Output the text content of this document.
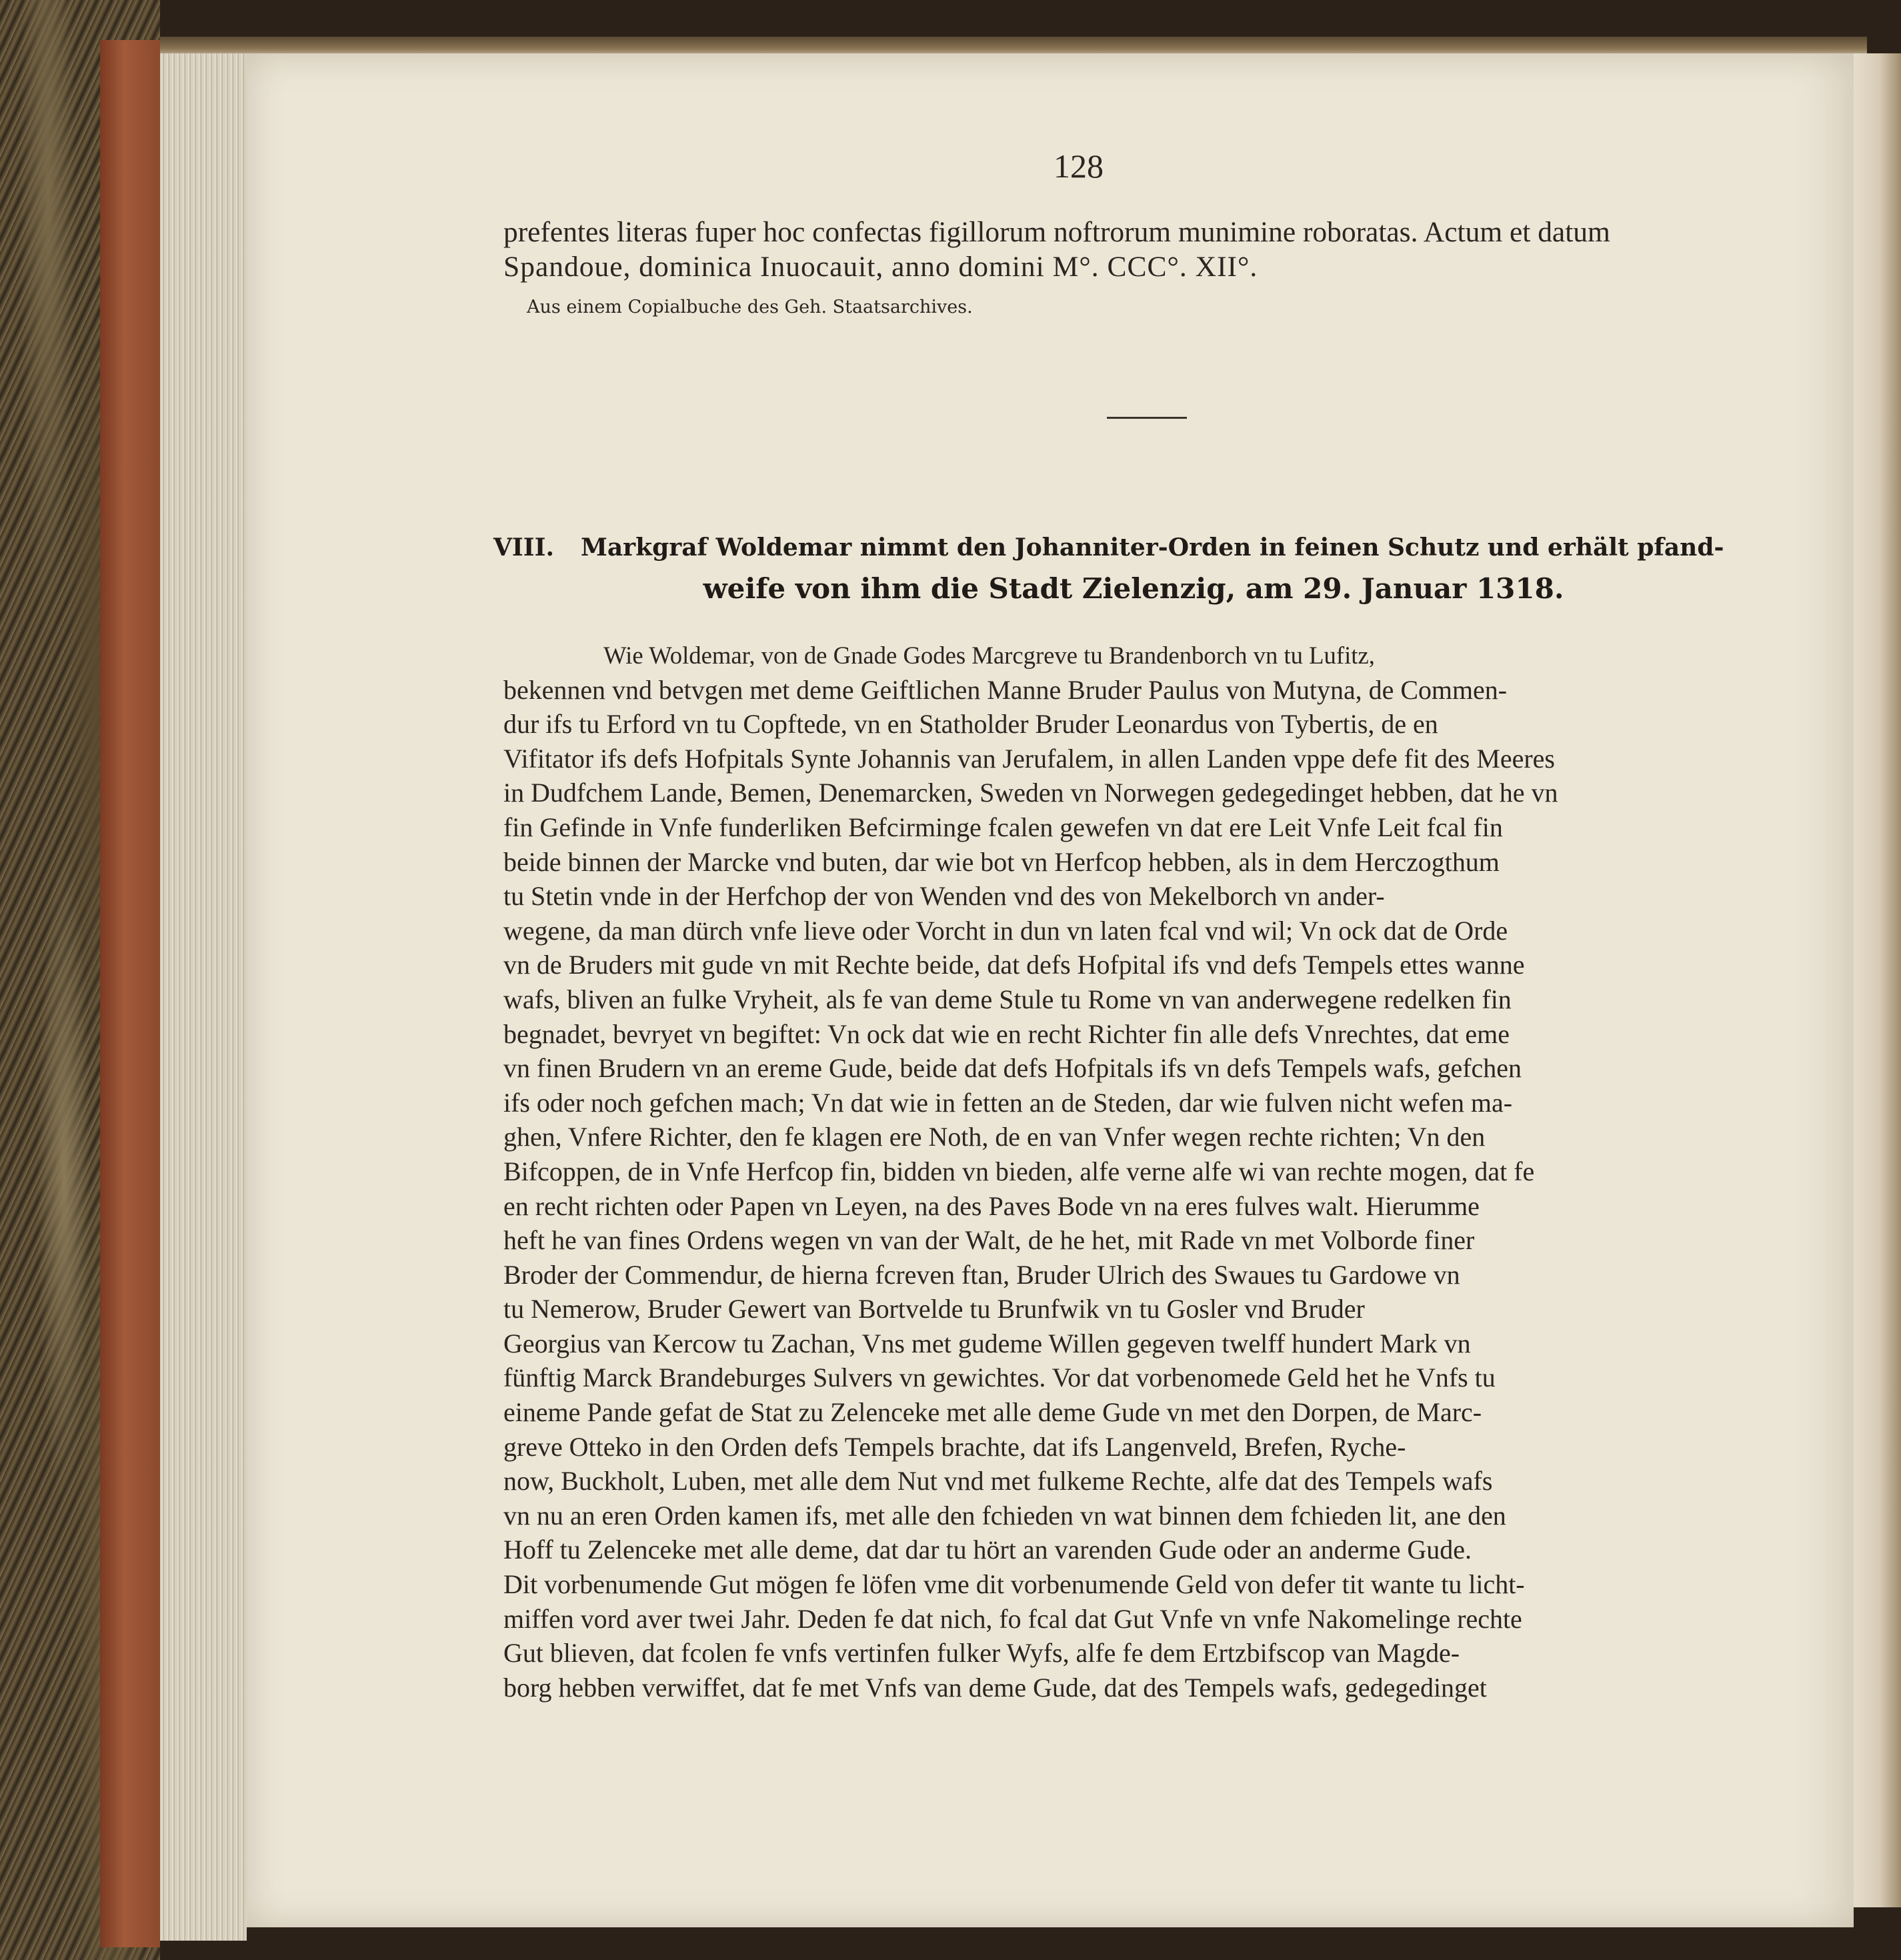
128
prefentes literas fuper hoc confectas figillorum noftrorum munimine roboratas. Actum et datum
Spandoue, dominica Inuocauit, anno domini M°. CCC°. XII°.
Aus einem Copialbuche des Geh. Staatsarchives.
VIII. Markgraf Woldemar nimmt den Johanniter-Orden in feinen Schutz und erhält pfand-
weife von ihm die Stadt Zielenzig, am 29. Januar 1318.
Wie Woldemar, von de Gnade Godes Marcgreve tu Brandenborch vn tu Lufitz,
bekennen vnd betvgen met deme Geiftlichen Manne Bruder Paulus von Mutyna, de Commen-
dur ifs tu Erford vn tu Copftede, vn en Statholder Bruder Leonardus von Tybertis, de en
Vifitator ifs defs Hofpitals Synte Johannis van Jerufalem, in allen Landen vppe defe fit des Meeres
in Dudfchem Lande, Bemen, Denemarcken, Sweden vn Norwegen gedegedinget hebben, dat he vn
fin Gefinde in Vnfe funderliken Befcirminge fcalen gewefen vn dat ere Leit Vnfe Leit fcal fin
beide binnen der Marcke vnd buten, dar wie bot vn Herfcop hebben, als in dem Herczogthum
tu Stetin vnde in der Herfchop der von Wenden vnd des von Mekelborch vn ander-
wegene, da man dürch vnfe lieve oder Vorcht in dun vn laten fcal vnd wil; Vn ock dat de Orde
vn de Bruders mit gude vn mit Rechte beide, dat defs Hofpital ifs vnd defs Tempels ettes wanne
wafs, bliven an fulke Vryheit, als fe van deme Stule tu Rome vn van anderwegene redelken fin
begnadet, bevryet vn begiftet: Vn ock dat wie en recht Richter fin alle defs Vnrechtes, dat eme
vn finen Brudern vn an ereme Gude, beide dat defs Hofpitals ifs vn defs Tempels wafs, gefchen
ifs oder noch gefchen mach; Vn dat wie in fetten an de Steden, dar wie fulven nicht wefen ma-
ghen, Vnfere Richter, den fe klagen ere Noth, de en van Vnfer wegen rechte richten; Vn den
Bifcoppen, de in Vnfe Herfcop fin, bidden vn bieden, alfe verne alfe wi van rechte mogen, dat fe
en recht richten oder Papen vn Leyen, na des Paves Bode vn na eres fulves walt. Hierumme
heft he van fines Ordens wegen vn van der Walt, de he het, mit Rade vn met Volborde finer
Broder der Commendur, de hierna fcreven ftan, Bruder Ulrich des Swaues tu Gardowe vn
tu Nemerow, Bruder Gewert van Bortvelde tu Brunfwik vn tu Gosler vnd Bruder
Georgius van Kercow tu Zachan, Vns met gudeme Willen gegeven twelff hundert Mark vn
fünftig Marck Brandeburges Sulvers vn gewichtes. Vor dat vorbenomede Geld het he Vnfs tu
eineme Pande gefat de Stat zu Zelenceke met alle deme Gude vn met den Dorpen, de Marc-
greve Otteko in den Orden defs Tempels brachte, dat ifs Langenveld, Brefen, Ryche-
now, Buckholt, Luben, met alle dem Nut vnd met fulkeme Rechte, alfe dat des Tempels wafs
vn nu an eren Orden kamen ifs, met alle den fchieden vn wat binnen dem fchieden lit, ane den
Hoff tu Zelenceke met alle deme, dat dar tu hört an varenden Gude oder an anderme Gude.
Dit vorbenumende Gut mögen fe löfen vme dit vorbenumende Geld von defer tit wante tu licht-
miffen vord aver twei Jahr. Deden fe dat nich, fo fcal dat Gut Vnfe vn vnfe Nakomelinge rechte
Gut blieven, dat fcolen fe vnfs vertinfen fulker Wyfs, alfe fe dem Ertzbifscop van Magde-
borg hebben verwiffet, dat fe met Vnfs van deme Gude, dat des Tempels wafs, gedegedinget
